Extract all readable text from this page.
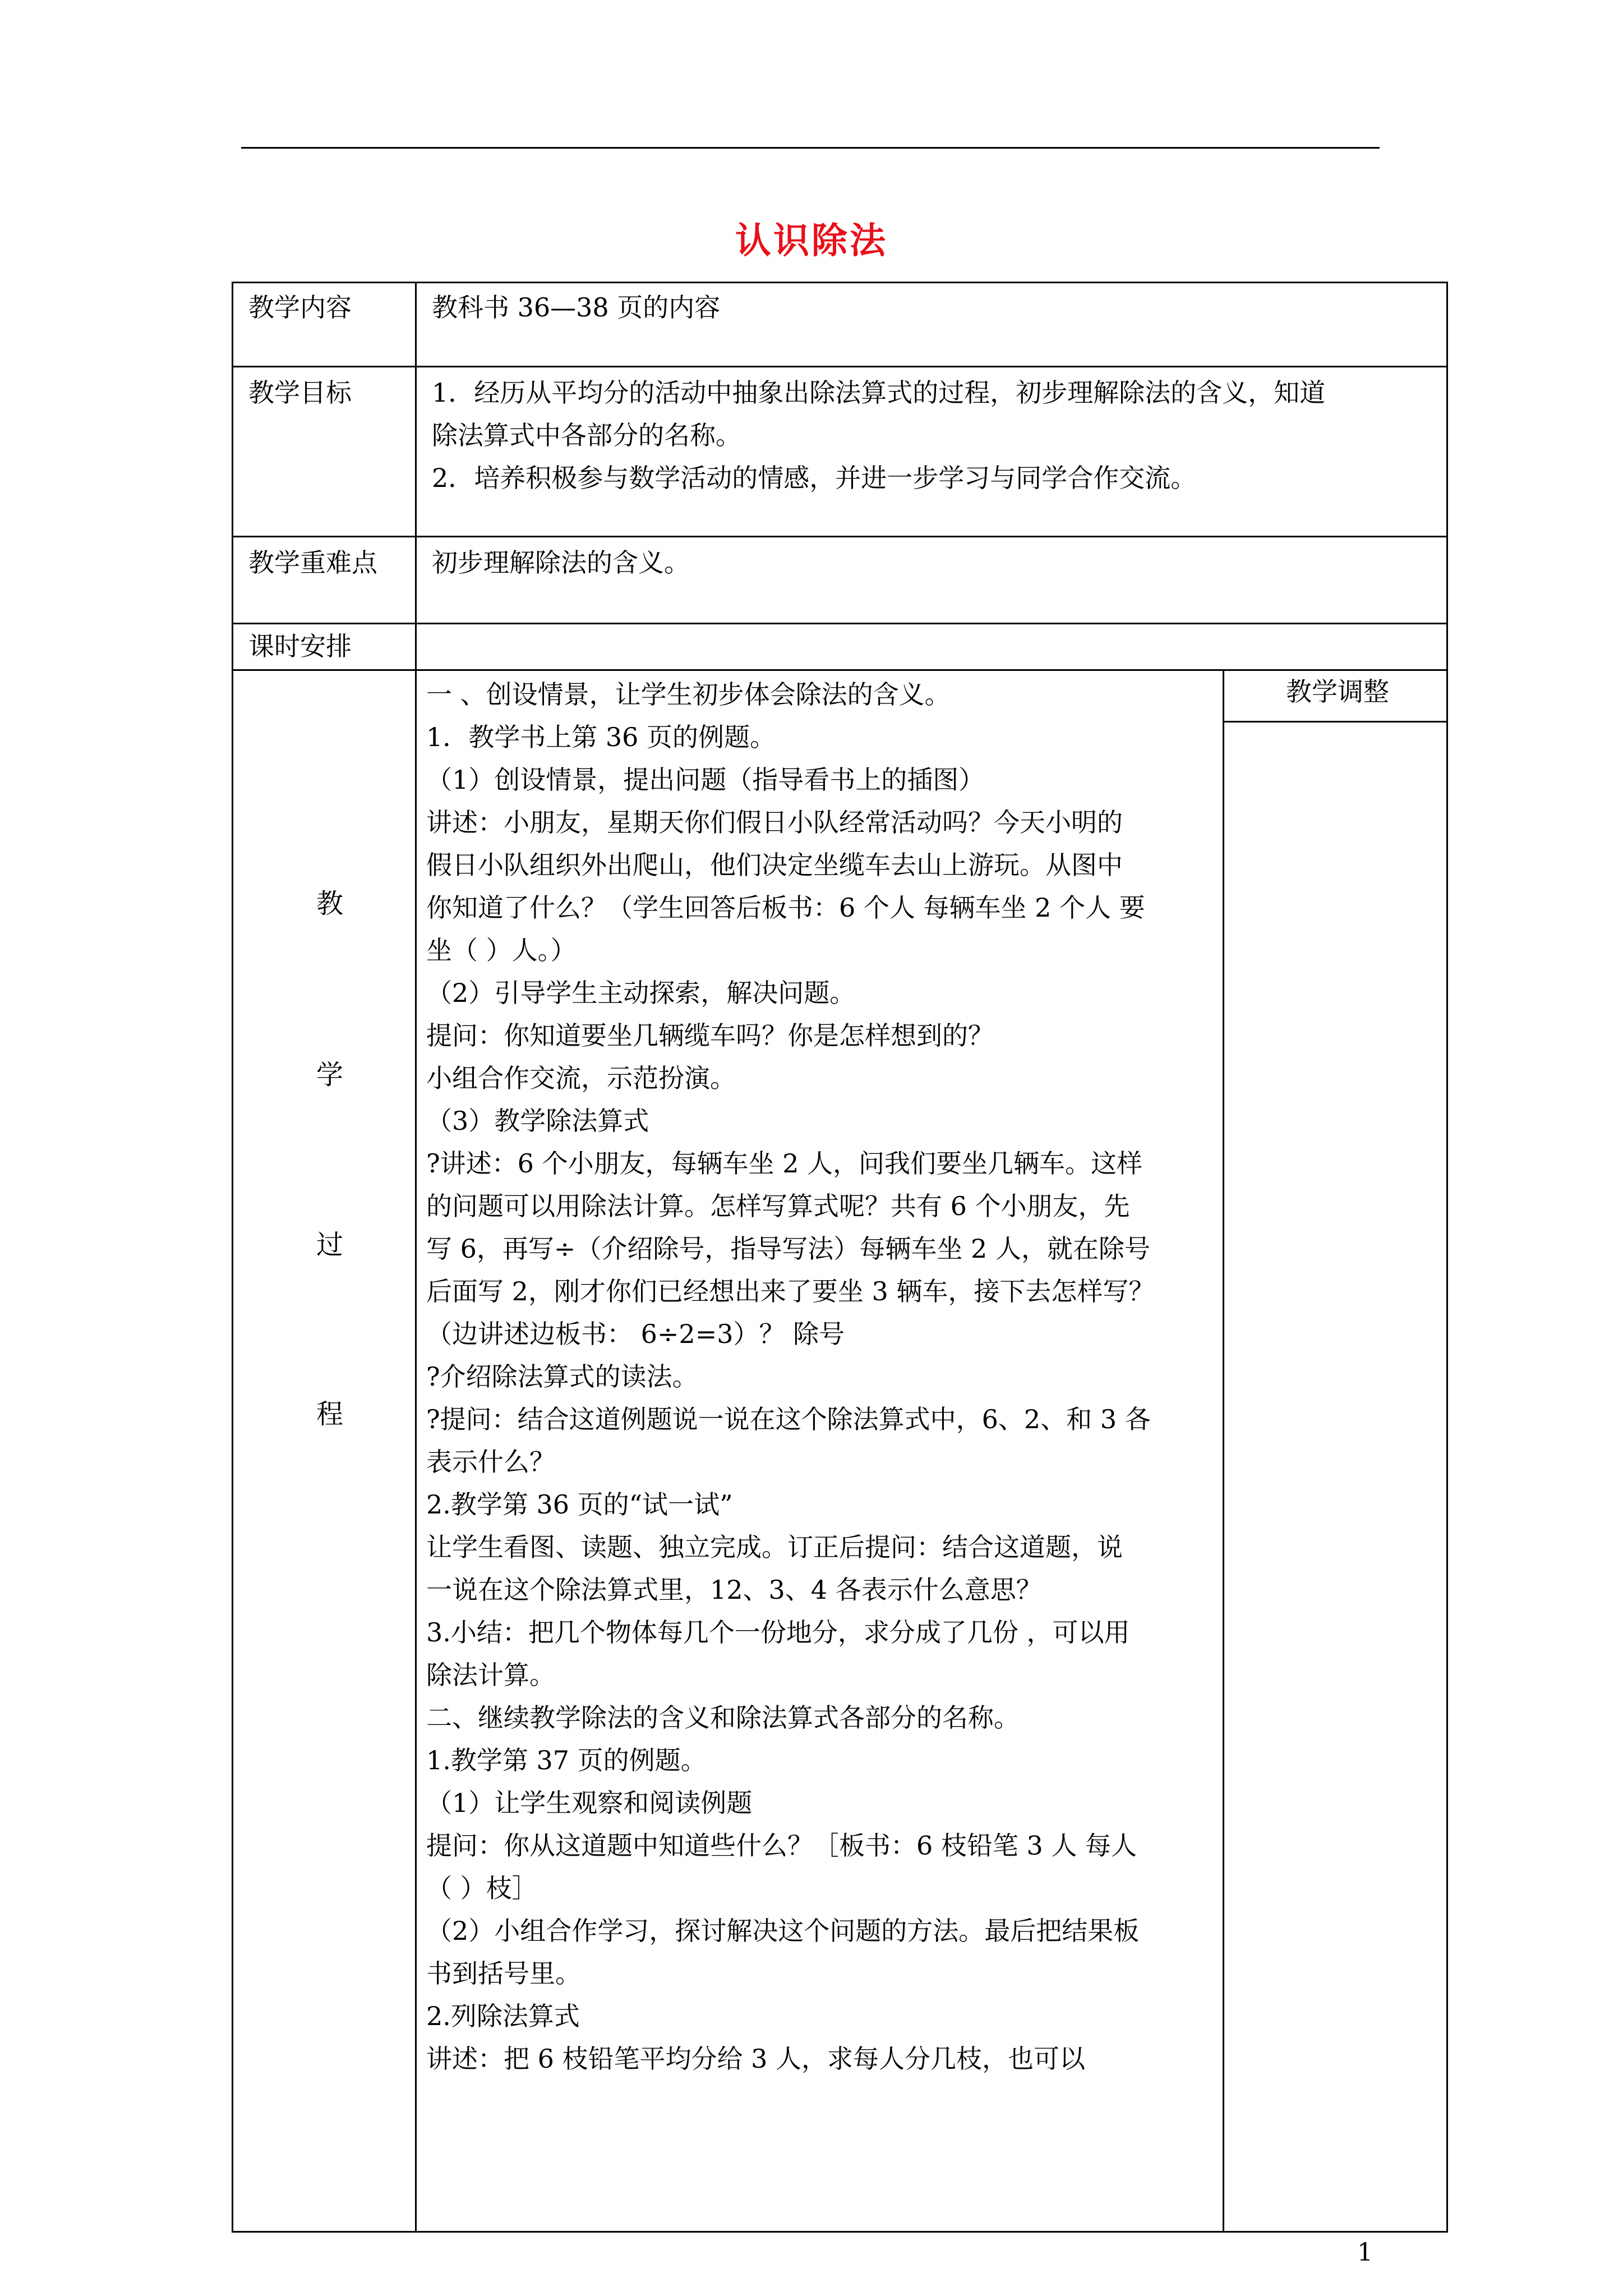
认识除法
教学内容	教科书 36—38 页的内容
教学目标	1．经历从平均分的活动中抽象出除法算式的过程，初步理解除法的含义，知道
除法算式中各部分的名称。
2．培养积极参与数学活动的情感，并进一步学习与同学合作交流。
教学重难点 初步理解除法的含义。
课时安排
教
学
过
程
教学调整
一 、创设情景，让学生初步体会除法的含义。
1．教学书上第 36 页的例题。
（1）创设情景，提出问题（指导看书上的插图）
讲述：小朋友，星期天你们假日小队经常活动吗？今天小明的
假日小队组织外出爬山，他们决定坐缆车去山上游玩。从图中
你知道了什么？（学生回答后板书：6 个人 每辆车坐 2 个人 要
坐（ ）人。）
（2）引导学生主动探索，解决问题。
提问：你知道要坐几辆缆车吗？你是怎样想到的？
小组合作交流，示范扮演。
（3）教学除法算式
?讲述：6 个小朋友，每辆车坐 2 人，问我们要坐几辆车。这样
的问题可以用除法计算。怎样写算式呢？共有 6 个小朋友，先
写 6，再写÷（介绍除号，指导写法）每辆车坐 2 人，就在除号
后面写 2，刚才你们已经想出来了要坐 3 辆车，接下去怎样写？
（边讲述边板书： 6÷2=3）？ 除号
?介绍除法算式的读法。
?提问：结合这道例题说一说在这个除法算式中，6、2、和 3 各
表示什么？
2.教学第 36 页的“试一试”
让学生看图、读题、独立完成。订正后提问：结合这道题，说
一说在这个除法算式里，12、3、4 各表示什么意思？
3.小结：把几个物体每几个一份地分，求分成了几份 ，可以用
除法计算。
二、继续教学除法的含义和除法算式各部分的名称。
1.教学第 37 页的例题。
（1）让学生观察和阅读例题
提问：你从这道题中知道些什么？［板书：6 枝铅笔 3 人 每人
（ ）枝］
（2）小组合作学习，探讨解决这个问题的方法。最后把结果板
书到括号里。
2.列除法算式
讲述：把 6 枝铅笔平均分给 3 人，求每人分几枝，也可以
1
